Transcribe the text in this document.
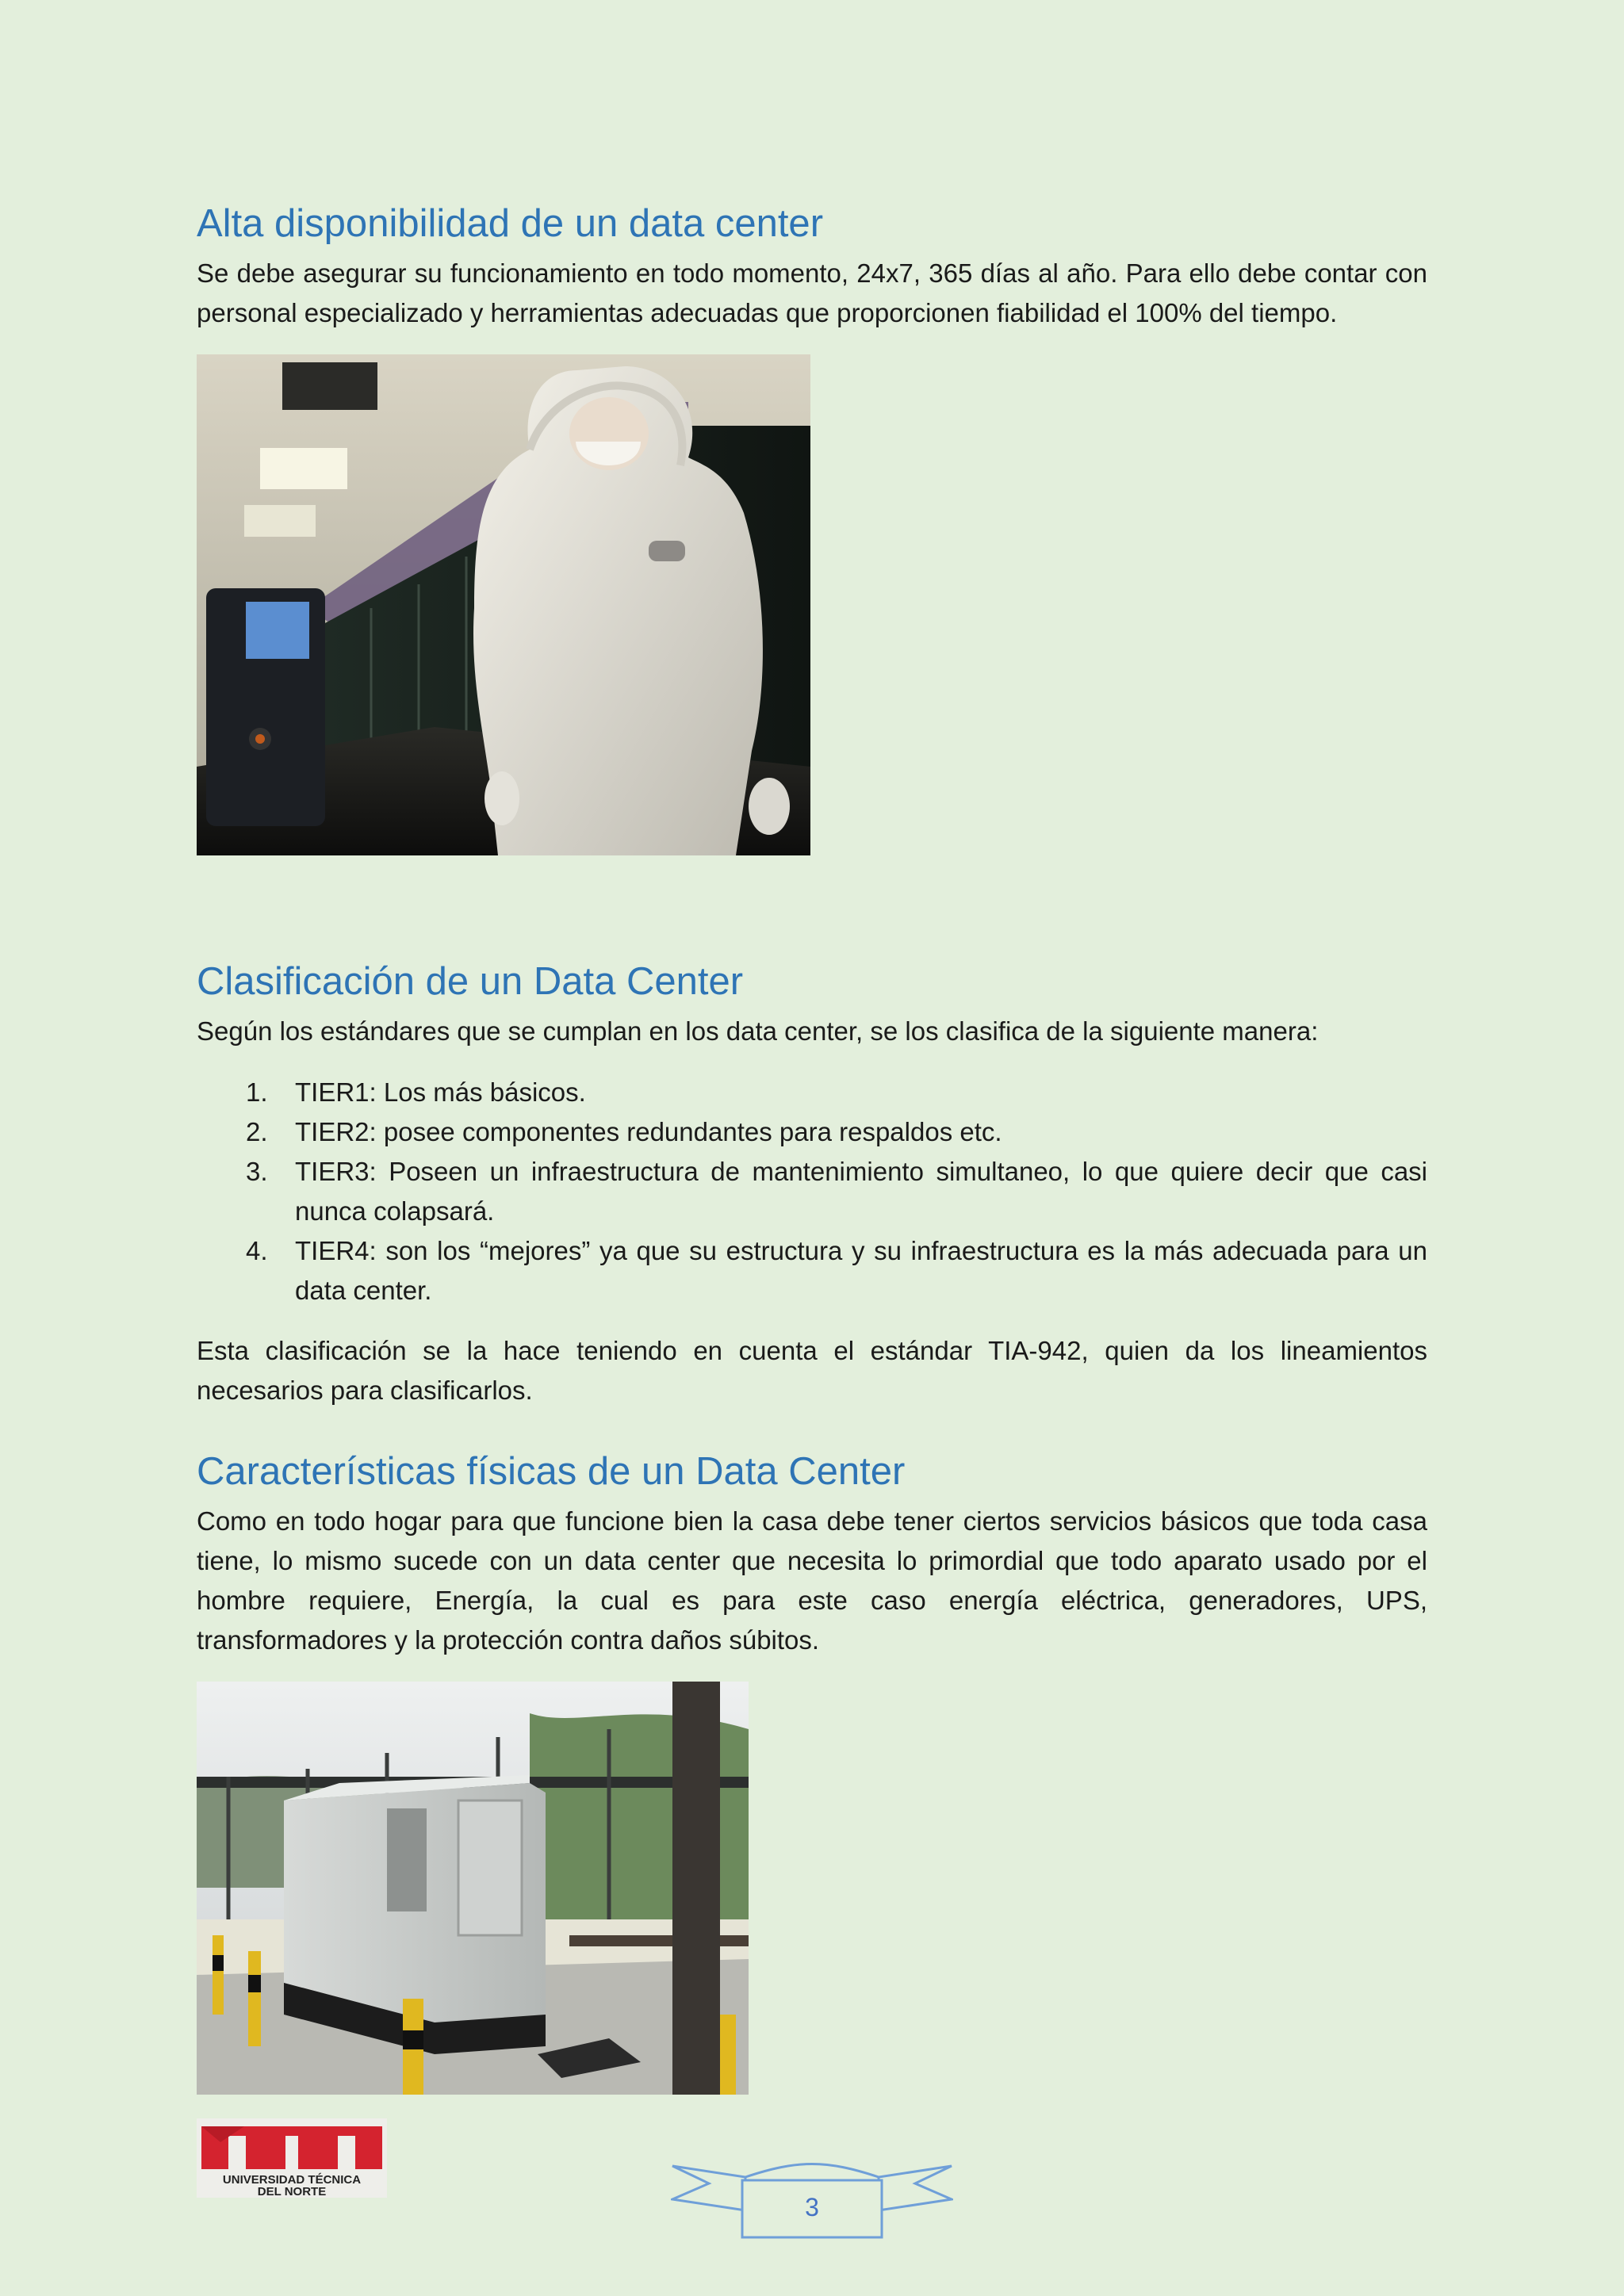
Alta disponibilidad de un data center

Se debe asegurar su funcionamiento en todo momento, 24x7, 365 días al año. Para ello debe contar con personal especializado y herramientas adecuadas que proporcionen fiabilidad el 100% del tiempo.

Clasificación de un Data Center

Según los estándares que se cumplan en los data center, se los clasifica de la siguiente manera:

1. TIER1: Los más básicos.
2. TIER2: posee componentes redundantes para respaldos etc.
3. TIER3: Poseen un infraestructura de mantenimiento simultaneo, lo que quiere decir que casi nunca colapsará.
4. TIER4: son los “mejores” ya que su estructura y su infraestructura es la más adecuada para un data center.

Esta clasificación se la hace teniendo en cuenta el estándar TIA-942, quien da los lineamientos necesarios para clasificarlos.

Características físicas de un Data Center

Como en todo hogar para que funcione bien la casa debe tener ciertos servicios básicos que toda casa tiene, lo mismo sucede con un data center que necesita lo primordial que todo aparato usado por el hombre requiere, Energía, la cual es para este caso energía eléctrica, generadores, UPS, transformadores y la protección contra daños súbitos.

UNIVERSIDAD TÉCNICA
DEL NORTE
3
